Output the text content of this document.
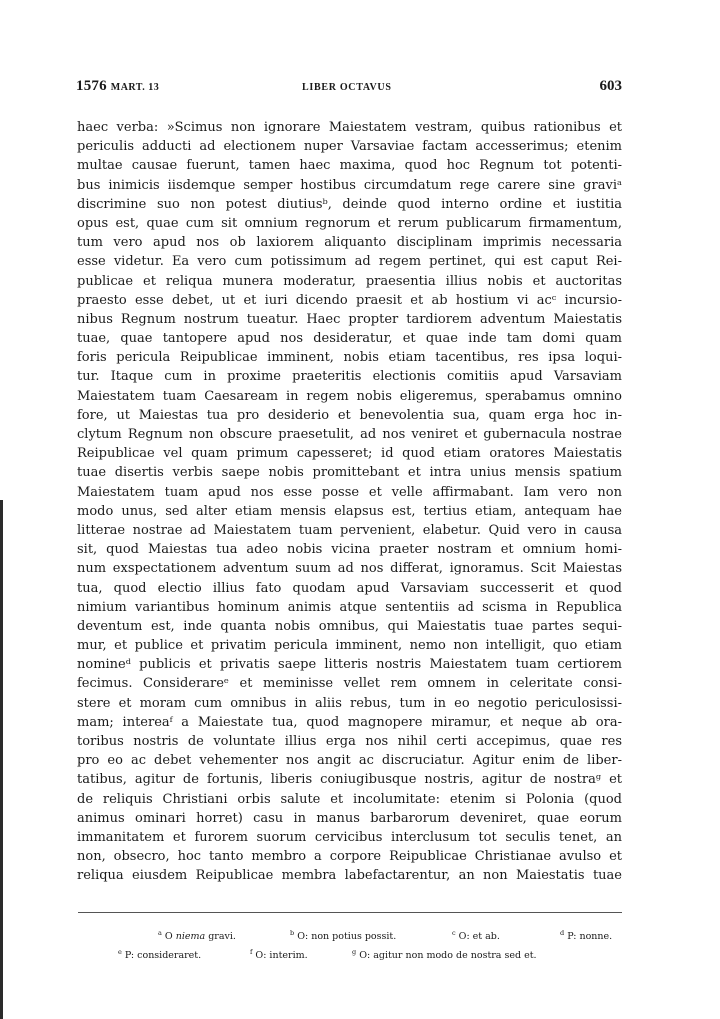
1576 MART. 13	LIBER OCTAVUS	603
haec verba: »Scimus non ignorare Maiestatem vestram, quibus rationibus et
periculis adducti ad electionem nuper Varsaviae factam accesserimus; etenim
multae causae fuerunt, tamen haec maxima, quod hoc Regnum tot potenti-
bus inimicis iisdemque semper hostibus circumdatum rege carere sine graviᵃ
discrimine suo non potest diutiusᵇ, deinde quod interno ordine et iustitia
opus est, quae cum sit omnium regnorum et rerum publicarum firmamentum,
tum vero apud nos ob laxiorem aliquanto disciplinam imprimis necessaria
esse videtur. Ea vero cum potissimum ad regem pertinet, qui est caput Rei-
publicae et reliqua munera moderatur, praesentia illius nobis et auctoritas
praesto esse debet, ut et iuri dicendo praesit et ab hostium vi acᶜ incursio-
nibus Regnum nostrum tueatur. Haec propter tardiorem adventum Maiestatis
tuae, quae tantopere apud nos desideratur, et quae inde tam domi quam
foris pericula Reipublicae imminent, nobis etiam tacentibus, res ipsa loqui-
tur. Itaque cum in proxime praeteritis electionis comitiis apud Varsaviam
Maiestatem tuam Caesaream in regem nobis eligeremus, sperabamus omnino
fore, ut Maiestas tua pro desiderio et benevolentia sua, quam erga hoc in-
clytum Regnum non obscure praesetulit, ad nos veniret et gubernacula nostrae
Reipublicae vel quam primum capesseret; id quod etiam oratores Maiestatis
tuae disertis verbis saepe nobis promittebant et intra unius mensis spatium
Maiestatem tuam apud nos esse posse et velle affirmabant. Iam vero non
modo unus, sed alter etiam mensis elapsus est, tertius etiam, antequam hae
litterae nostrae ad Maiestatem tuam pervenient, elabetur. Quid vero in causa
sit, quod Maiestas tua adeo nobis vicina praeter nostram et omnium homi-
num exspectationem adventum suum ad nos differat, ignoramus. Scit Maiestas
tua, quod electio illius fato quodam apud Varsaviam successerit et quod
nimium variantibus hominum animis atque sententiis ad scisma in Republica
deventum est, inde quanta nobis omnibus, qui Maiestatis tuae partes sequi-
mur, et publice et privatim pericula imminent, nemo non intelligit, quo etiam
nomineᵈ publicis et privatis saepe litteris nostris Maiestatem tuam certiorem
fecimus. Considerareᵉ et meminisse vellet rem omnem in celeritate consi-
stere et moram cum omnibus in aliis rebus, tum in eo negotio periculosissi-
mam; intereaᶠ a Maiestate tua, quod magnopere miramur, et neque ab ora-
toribus nostris de voluntate illius erga nos nihil certi accepimus, quae res
pro eo ac debet vehementer nos angit ac discruciatur. Agitur enim de liber-
tatibus, agitur de fortunis, liberis coniugibusque nostris, agitur de nostraᵍ et
de reliquis Christiani orbis salute et incolumitate: etenim si Polonia (quod
animus ominari horret) casu in manus barbarorum deveniret, quae eorum
immanitatem et furorem suorum cervicibus interclusum tot seculis tenet, an
non, obsecro, hoc tanto membro a corpore Reipublicae Christianae avulso et
reliqua eiusdem Reipublicae membra labefactarentur, an non Maiestatis tuae
$^a$ O niema gravi.	$^b$ O: non potius possit.	$^c$ O: et ab.	$^d$ P: nonne.
$^e$ P: consideraret.	$^f$ O: interim.	$^g$ O: agitur non modo de nostra sed et.
